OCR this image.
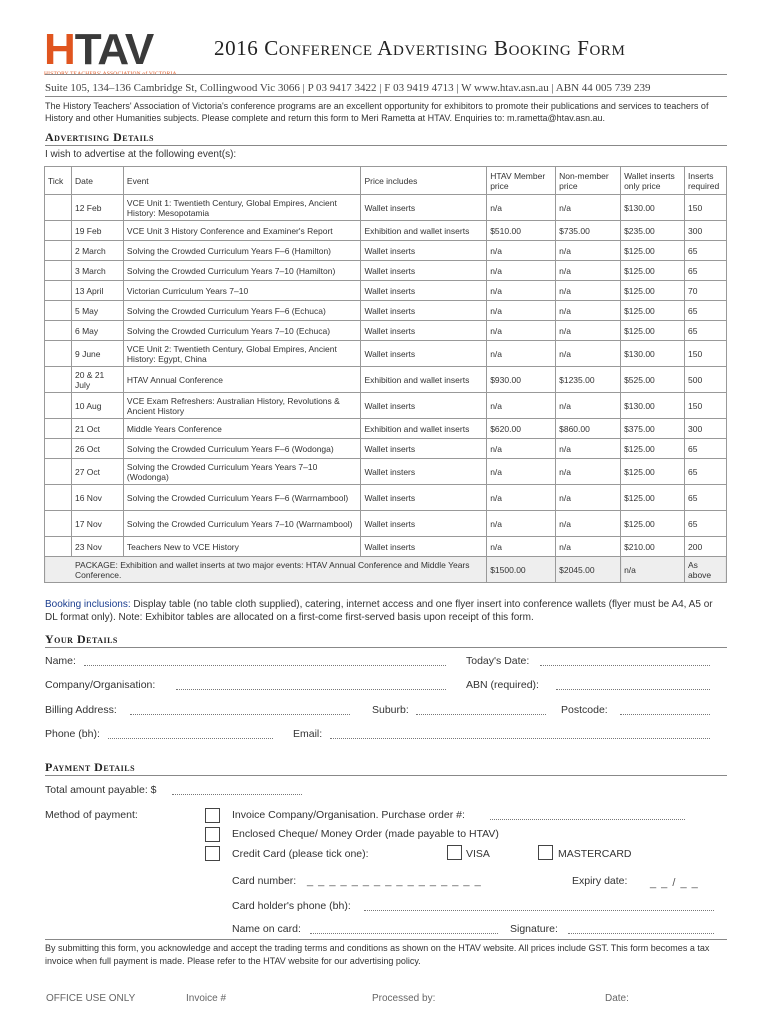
HTAV	2016 Conference Advertising Booking Form
Suite 105, 134–136 Cambridge St, Collingwood Vic 3066 | P 03 9417 3422 | F 03 9419 4713 | W www.htav.asn.au | ABN 44 005 739 239
The History Teachers' Association of Victoria's conference programs are an excellent opportunity for exhibitors to promote their publications and services to teachers of History and other Humanities subjects. Please complete and return this form to Meri Rametta at HTAV. Enquiries to: m.rametta@htav.asn.au.
Advertising Details
I wish to advertise at the following event(s):
Tick	Date	Event	Price includes	HTAV Member price	Non-member price	Wallet inserts only price	Inserts required
	12 Feb	VCE Unit 1: Twentieth Century, Global Empires, Ancient History: Mesopotamia	Wallet inserts	n/a	n/a	$130.00	150
	19 Feb	VCE Unit 3 History Conference and Examiner's Report	Exhibition and wallet inserts	$510.00	$735.00	$235.00	300
	2 March	Solving the Crowded Curriculum Years F–6 (Hamilton)	Wallet inserts	n/a	n/a	$125.00	65
	3 March	Solving the Crowded Curriculum Years 7–10 (Hamilton)	Wallet inserts	n/a	n/a	$125.00	65
	13 April	Victorian Curriculum Years 7–10	Wallet inserts	n/a	n/a	$125.00	70
	5 May	Solving the Crowded Curriculum Years F–6 (Echuca)	Wallet inserts	n/a	n/a	$125.00	65
	6 May	Solving the Crowded Curriculum Years 7–10 (Echuca)	Wallet inserts	n/a	n/a	$125.00	65
	9 June	VCE Unit 2: Twentieth Century, Global Empires, Ancient History: Egypt, China	Wallet inserts	n/a	n/a	$130.00	150
	20 & 21 July	HTAV Annual Conference	Exhibition and wallet inserts	$930.00	$1235.00	$525.00	500
	10 Aug	VCE Exam Refreshers: Australian History, Revolutions & Ancient History	Wallet inserts	n/a	n/a	$130.00	150
	21 Oct	Middle Years Conference	Exhibition and wallet inserts	$620.00	$860.00	$375.00	300
	26 Oct	Solving the Crowded Curriculum Years F–6 (Wodonga)	Wallet inserts	n/a	n/a	$125.00	65
	27 Oct	Solving the Crowded Curriculum Years Years 7–10 (Wodonga)	Wallet insters	n/a	n/a	$125.00	65
	16 Nov	Solving the Crowded Curriculum Years F–6 (Warrnambool)	Wallet inserts	n/a	n/a	$125.00	65
	17 Nov	Solving the Crowded Curriculum Years 7–10 (Warrnambool)	Wallet inserts	n/a	n/a	$125.00	65
	23 Nov	Teachers New to VCE History	Wallet inserts	n/a	n/a	$210.00	200
PACKAGE: Exhibition and wallet inserts at two major events: HTAV Annual Conference and Middle Years Conference.				$1500.00	$2045.00	n/a	As above
Booking inclusions: Display table (no table cloth supplied), catering, internet access and one flyer insert into conference wallets (flyer must be A4, A5 or DL format only). Note: Exhibitor tables are allocated on a first-come first-served basis upon receipt of this form.
Your Details
Name:	Today's Date:
Company/Organisation:	ABN (required):
Billing Address:	Suburb:	Postcode:
Phone (bh):	Email:
Payment Details
Total amount payable: $
Method of payment:	Invoice Company/Organisation. Purchase order #:
Enclosed Cheque/ Money Order (made payable to HTAV)
Credit Card (please tick one):	VISA	MASTERCARD
Card number: _ _ _ _ _ _ _ _ _ _ _ _ _ _ _ _	Expiry date: _ _ / _ _
Card holder's phone (bh):
Name on card:	Signature:
By submitting this form, you acknowledge and accept the trading terms and conditions as shown on the HTAV website. All prices include GST. This form becomes a tax invoice when full payment is made. Please refer to the HTAV website for our advertising policy.
OFFICE USE ONLY	Invoice #	Processed by:	Date:
